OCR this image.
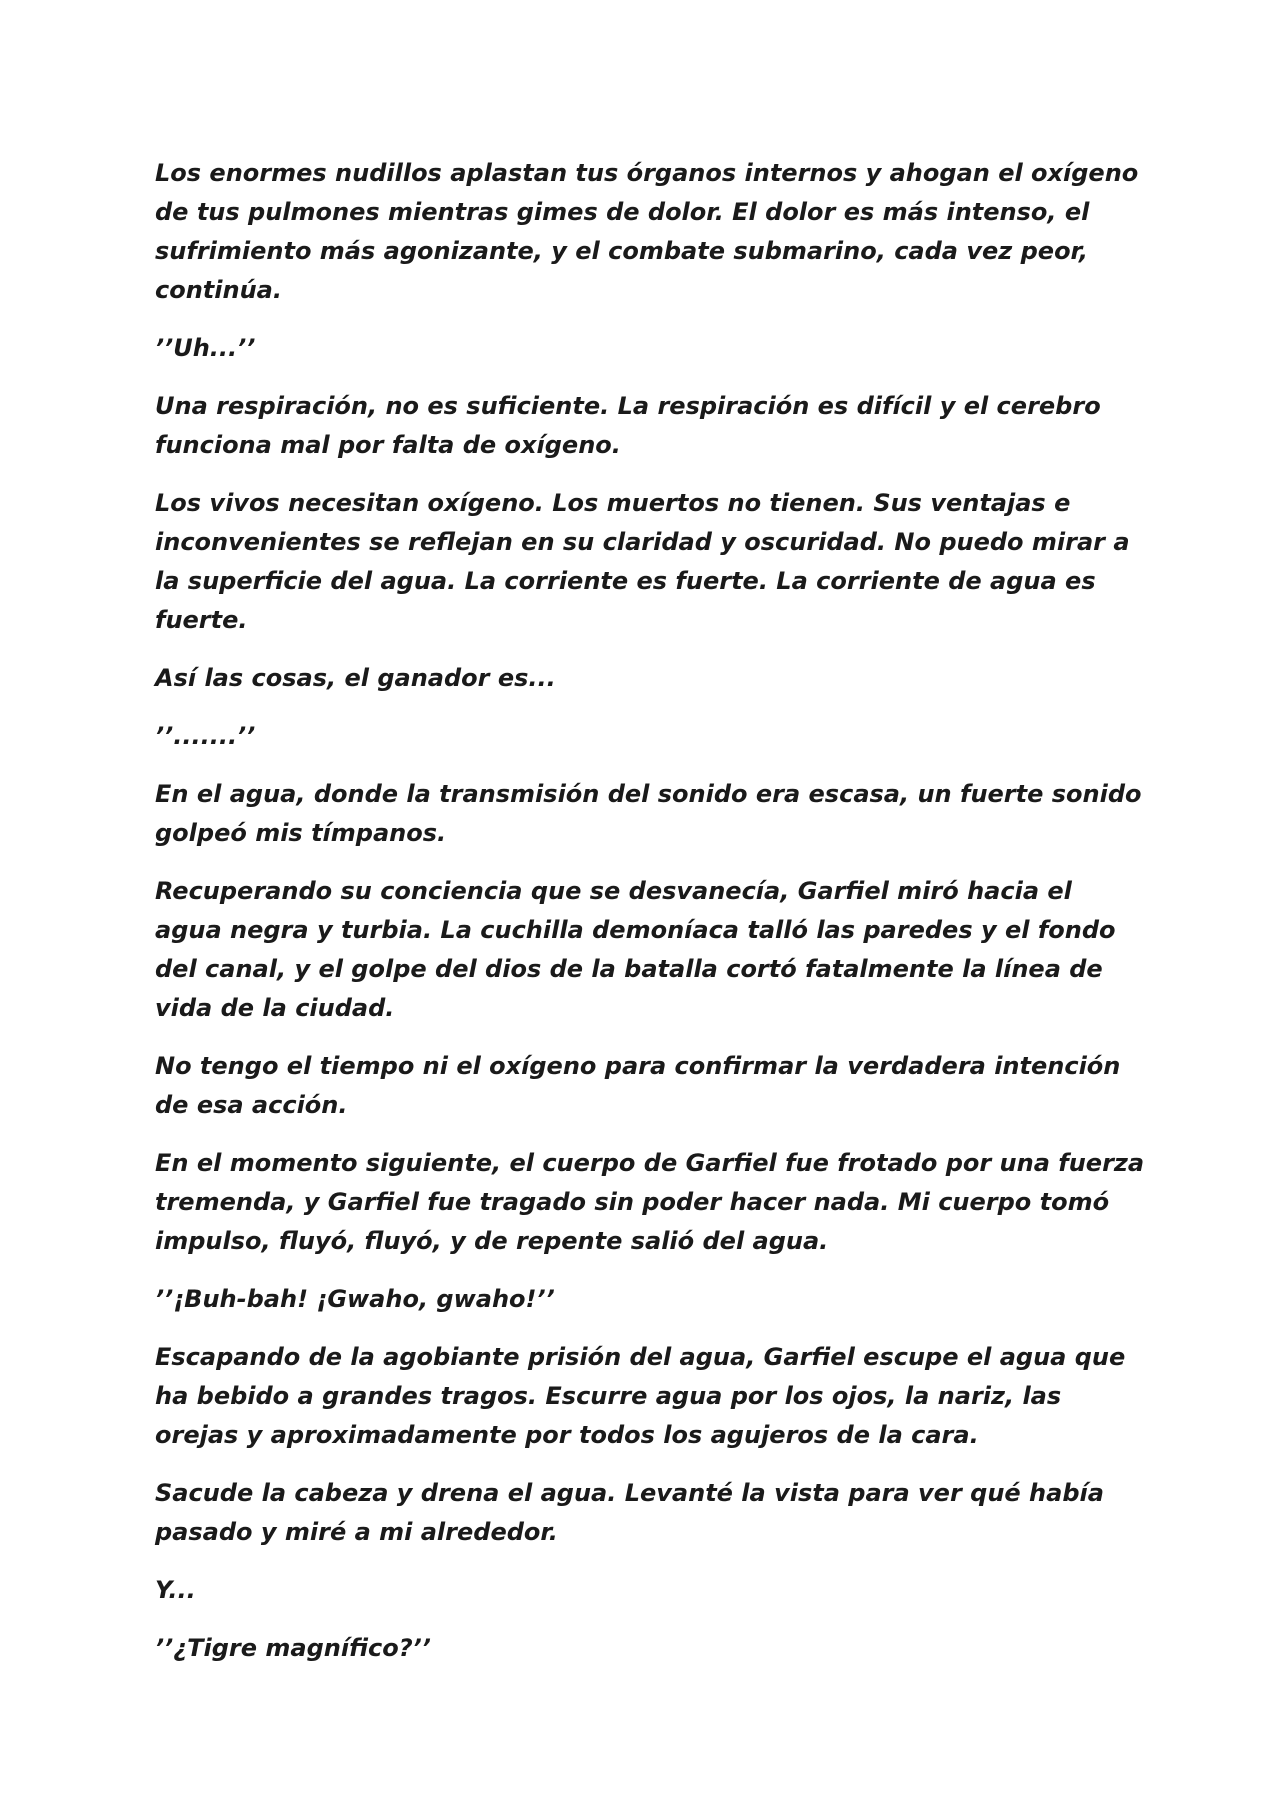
Los enormes nudillos aplastan tus órganos internos y ahogan el oxígeno de tus pulmones mientras gimes de dolor. El dolor es más intenso, el sufrimiento más agonizante, y el combate submarino, cada vez peor, continúa.

’’Uh...’’

Una respiración, no es suficiente. La respiración es difícil y el cerebro funciona mal por falta de oxígeno.

Los vivos necesitan oxígeno. Los muertos no tienen. Sus ventajas e inconvenientes se reflejan en su claridad y oscuridad. No puedo mirar a la superficie del agua. La corriente es fuerte. La corriente de agua es fuerte.

Así las cosas, el ganador es...

’’.......’’

En el agua, donde la transmisión del sonido era escasa, un fuerte sonido golpeó mis tímpanos.

Recuperando su conciencia que se desvanecía, Garfiel miró hacia el agua negra y turbia. La cuchilla demoníaca talló las paredes y el fondo del canal, y el golpe del dios de la batalla cortó fatalmente la línea de vida de la ciudad.

No tengo el tiempo ni el oxígeno para confirmar la verdadera intención de esa acción.

En el momento siguiente, el cuerpo de Garfiel fue frotado por una fuerza tremenda, y Garfiel fue tragado sin poder hacer nada. Mi cuerpo tomó impulso, fluyó, fluyó, y de repente salió del agua.

’’¡Buh-bah! ¡Gwaho, gwaho!’’

Escapando de la agobiante prisión del agua, Garfiel escupe el agua que ha bebido a grandes tragos. Escurre agua por los ojos, la nariz, las orejas y aproximadamente por todos los agujeros de la cara.

Sacude la cabeza y drena el agua. Levanté la vista para ver qué había pasado y miré a mi alrededor.

Y...

’’¿Tigre magnífico?’’
